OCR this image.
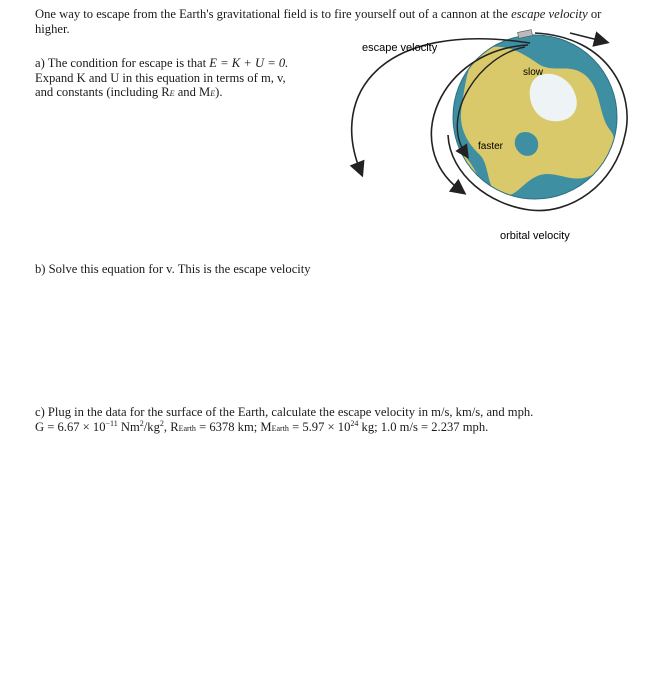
One way to escape from the Earth's gravitational field is to fire yourself out of a cannon at the escape velocity or higher.
a) The condition for escape is that E = K + U = 0.
Expand K and U in this equation in terms of m, v,
and constants (including RE and ME).
b) Solve this equation for v. This is the escape velocity
c) Plug in the data for the surface of the Earth, calculate the escape velocity in m/s, km/s, and mph.
$G = 6.67 \times 10^{-11}$ $Nm^2/kg^2$, REarth = 6378 km; MEarth = $5.97 \times 10^{24}$ kg; 1.0 m/s = 2.237 mph.
escape velocity
slow
faster
orbital velocity
